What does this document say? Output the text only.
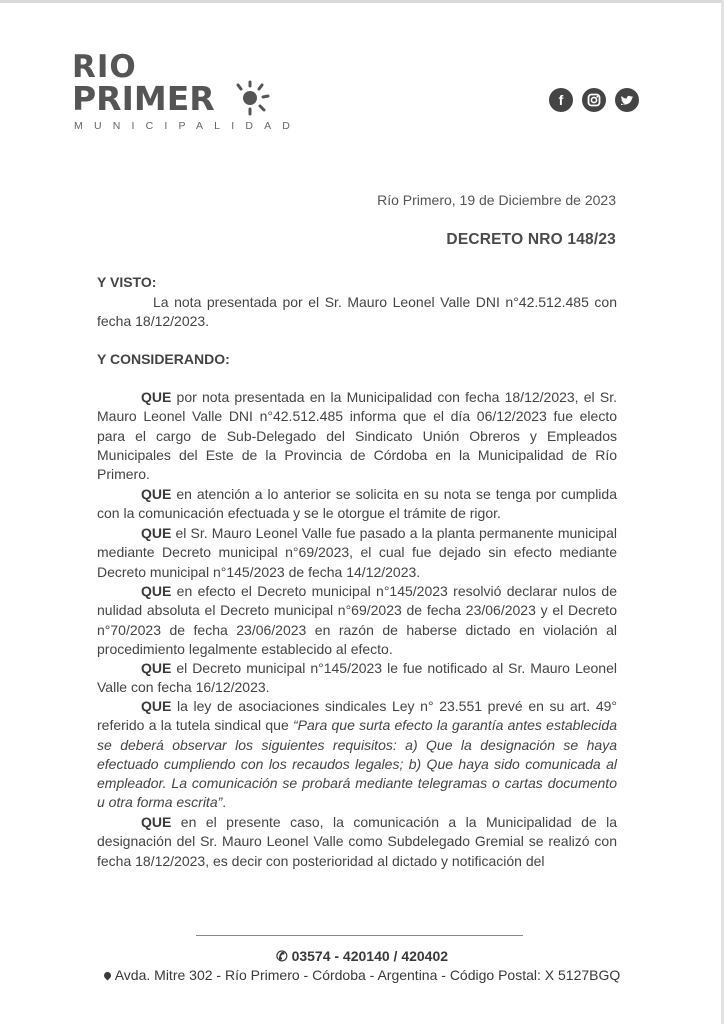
RIO
PRIMER
MUNICIPALIDAD
f
Río Primero, 19 de Diciembre de 2023
DECRETO NRO 148/23
Y VISTO:
La nota presentada por el Sr. Mauro Leonel Valle DNI n°42.512.485 con fecha 18/12/2023.
Y CONSIDERANDO:
QUE por nota presentada en la Municipalidad con fecha 18/12/2023, el Sr. Mauro Leonel Valle DNI n°42.512.485 informa que el día 06/12/2023 fue electo para el cargo de Sub-Delegado del Sindicato Unión Obreros y Empleados Municipales del Este de la Provincia de Córdoba en la Municipalidad de Río Primero.
QUE en atención a lo anterior se solicita en su nota se tenga por cumplida con la comunicación efectuada y se le otorgue el trámite de rigor.
QUE el Sr. Mauro Leonel Valle fue pasado a la planta permanente municipal mediante Decreto municipal n°69/2023, el cual fue dejado sin efecto mediante Decreto municipal n°145/2023 de fecha 14/12/2023.
QUE en efecto el Decreto municipal n°145/2023 resolvió declarar nulos de nulidad absoluta el Decreto municipal n°69/2023 de fecha 23/06/2023 y el Decreto n°70/2023 de fecha 23/06/2023 en razón de haberse dictado en violación al procedimiento legalmente establecido al efecto.
QUE el Decreto municipal n°145/2023 le fue notificado al Sr. Mauro Leonel Valle con fecha 16/12/2023.
QUE la ley de asociaciones sindicales Ley n° 23.551 prevé en su art. 49° referido a la tutela sindical que “Para que surta efecto la garantía antes establecida se deberá observar los siguientes requisitos: a) Que la designación se haya efectuado cumpliendo con los recaudos legales; b) Que haya sido comunicada al empleador. La comunicación se probará mediante telegramas o cartas documento u otra forma escrita”.
QUE en el presente caso, la comunicación a la Municipalidad de la designación del Sr. Mauro Leonel Valle como Subdelegado Gremial se realizó con fecha 18/12/2023, es decir con posterioridad al dictado y notificación del
✆ 03574 - 420140 / 420402
Avda. Mitre 302 - Río Primero - Córdoba - Argentina - Código Postal: X 5127BGQ
